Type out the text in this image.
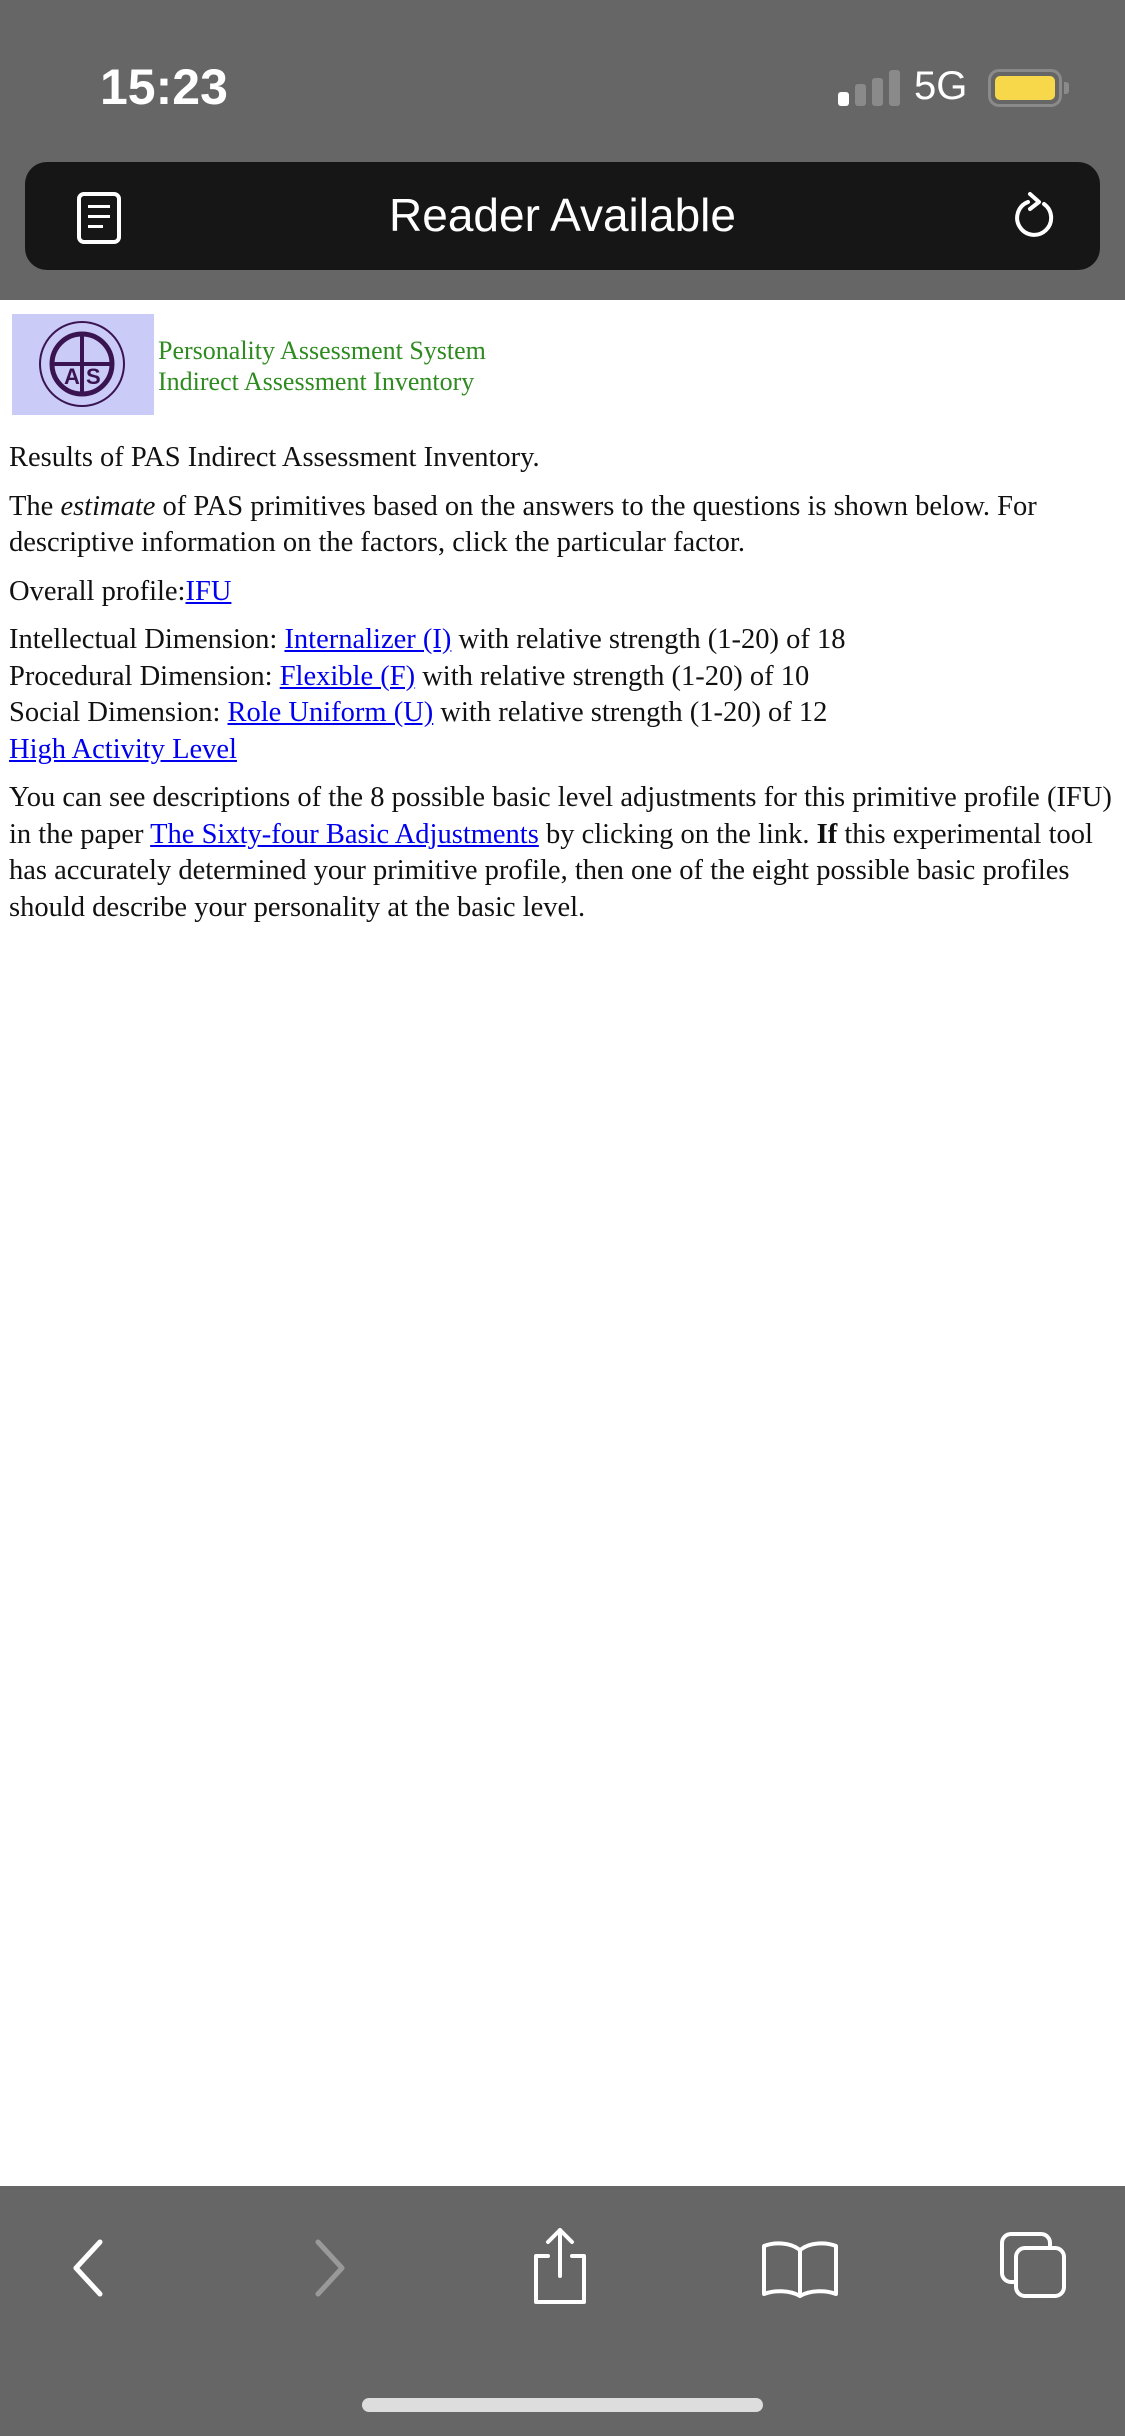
15:23	5G
Reader Available
A S
Personality Assessment System
Indirect Assessment Inventory

Results of PAS Indirect Assessment Inventory.

The estimate of PAS primitives based on the answers to the questions is shown below. For descriptive information on the factors, click the particular factor.

Overall profile:IFU

Intellectual Dimension: Internalizer (I) with relative strength (1-20) of 18
Procedural Dimension: Flexible (F) with relative strength (1-20) of 10
Social Dimension: Role Uniform (U) with relative strength (1-20) of 12
High Activity Level

You can see descriptions of the 8 possible basic level adjustments for this primitive profile (IFU) in the paper The Sixty-four Basic Adjustments by clicking on the link. If this experimental tool has accurately determined your primitive profile, then one of the eight possible basic profiles should describe your personality at the basic level.
